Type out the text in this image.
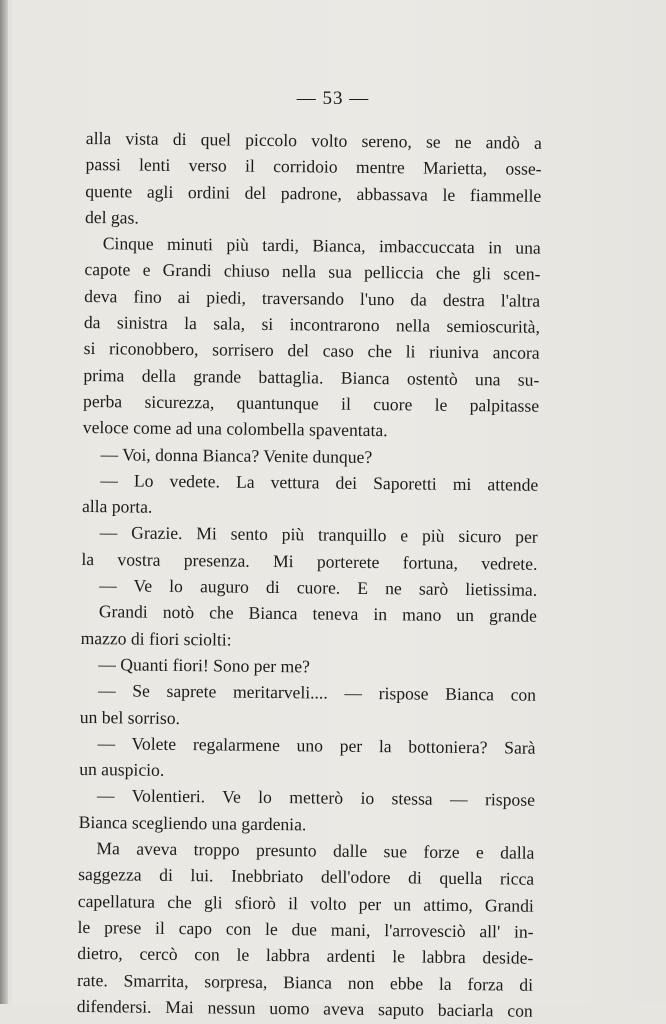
— 53 —
alla vista di quel piccolo volto sereno, se ne andò a
passi lenti verso il corridoio mentre Marietta, osse-
quente agli ordini del padrone, abbassava le fiammelle
del gas.
Cinque minuti più tardi, Bianca, imbaccuccata in una
capote e Grandi chiuso nella sua pelliccia che gli scen-
deva fino ai piedi, traversando l'uno da destra l'altra
da sinistra la sala, si incontrarono nella semioscurità,
si riconobbero, sorrisero del caso che li riuniva ancora
prima della grande battaglia. Bianca ostentò una su-
perba sicurezza, quantunque il cuore le palpitasse
veloce come ad una colombella spaventata.
— Voi, donna Bianca? Venite dunque?
— Lo vedete. La vettura dei Saporetti mi attende
alla porta.
— Grazie. Mi sento più tranquillo e più sicuro per
la vostra presenza. Mi porterete fortuna, vedrete.
— Ve lo auguro di cuore. E ne sarò lietissima.
Grandi notò che Bianca teneva in mano un grande
mazzo di fiori sciolti:
— Quanti fiori! Sono per me?
— Se saprete meritarveli.... — rispose Bianca con
un bel sorriso.
— Volete regalarmene uno per la bottoniera? Sarà
un auspicio.
— Volentieri. Ve lo metterò io stessa — rispose
Bianca scegliendo una gardenia.
Ma aveva troppo presunto dalle sue forze e dalla
saggezza di lui. Inebbriato dell'odore di quella ricca
capellatura che gli sfiorò il volto per un attimo, Grandi
le prese il capo con le due mani, l'arrovesciò all' in-
dietro, cercò con le labbra ardenti le labbra deside-
rate. Smarrita, sorpresa, Bianca non ebbe la forza di
difendersi. Mai nessun uomo aveva saputo baciarla con
